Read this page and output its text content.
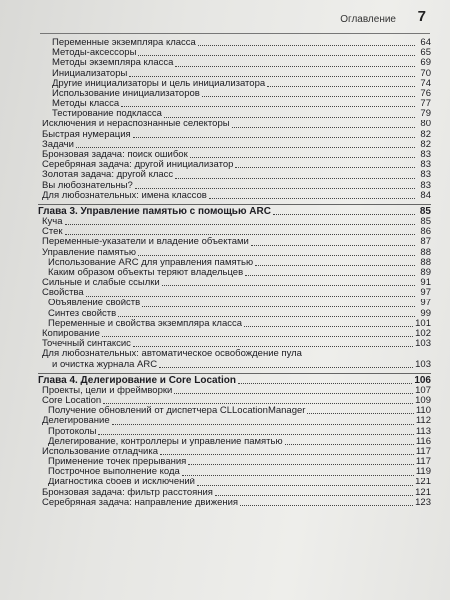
Оглавление 7
Переменные экземпляра класса	64
Методы-аксессоры	65
Методы экземпляра класса	69
Инициализаторы	70
Другие инициализаторы и цель инициализатора	74
Использование инициализаторов	76
Методы класса	77
Тестирование подкласса	79
Исключения и нераспознанные селекторы	80
Быстрая нумерация	82
Задачи	82
Бронзовая задача: поиск ошибок	83
Серебряная задача: другой инициализатор	83
Золотая задача: другой класс	83
Вы любознательны?	83
Для любознательных: имена классов	84
Глава 3. Управление памятью с помощью ARC	85
Куча	85
Стек	86
Переменные-указатели и владение объектами	87
Управление памятью	88
Использование ARC для управления памятью	88
Каким образом объекты теряют владельцев	89
Сильные и слабые ссылки	91
Свойства	97
Объявление свойств	97
Синтез свойств	99
Переменные и свойства экземпляра класса	101
Копирование	102
Точечный синтаксис	103
Для любознательных: автоматическое освобождение пула
и очистка журнала ARC	103
Глава 4. Делегирование и Core Location	106
Проекты, цели и фреймворки	107
Core Location	109
Получение обновлений от диспетчера CLLocationManager	110
Делегирование	112
Протоколы	113
Делегирование, контроллеры и управление памятью	116
Использование отладчика	117
Применение точек прерывания	117
Построчное выполнение кода	119
Диагностика сбоев и исключений	121
Бронзовая задача: фильтр расстояния	121
Серебряная задача: направление движения	123
